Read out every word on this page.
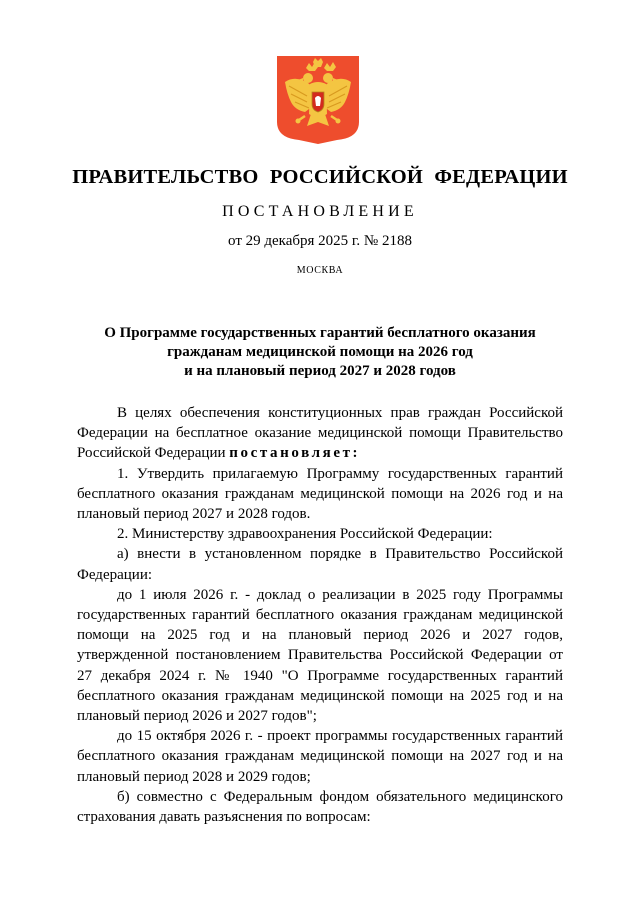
ПРАВИТЕЛЬСТВО РОССИЙСКОЙ ФЕДЕРАЦИИ
ПОСТАНОВЛЕНИЕ
от 29 декабря 2025 г. № 2188
МОСКВА
О Программе государственных гарантий бесплатного оказания
гражданам медицинской помощи на 2026 год
и на плановый период 2027 и 2028 годов

В целях обеспечения конституционных прав граждан Российской Федерации на бесплатное оказание медицинской помощи Правительство Российской Федерации постановляет:

1. Утвердить прилагаемую Программу государственных гарантий бесплатного оказания гражданам медицинской помощи на 2026 год и на плановый период 2027 и 2028 годов.

2. Министерству здравоохранения Российской Федерации:

а) внести в установленном порядке в Правительство Российской Федерации:

до 1 июля 2026 г. - доклад о реализации в 2025 году Программы государственных гарантий бесплатного оказания гражданам медицинской помощи на 2025 год и на плановый период 2026 и 2027 годов, утвержденной постановлением Правительства Российской Федерации от 27 декабря 2024 г. № 1940 "О Программе государственных гарантий бесплатного оказания гражданам медицинской помощи на 2025 год и на плановый период 2026 и 2027 годов";

до 15 октября 2026 г. - проект программы государственных гарантий бесплатного оказания гражданам медицинской помощи на 2027 год и на плановый период 2028 и 2029 годов;

б) совместно с Федеральным фондом обязательного медицинского страхования давать разъяснения по вопросам:
